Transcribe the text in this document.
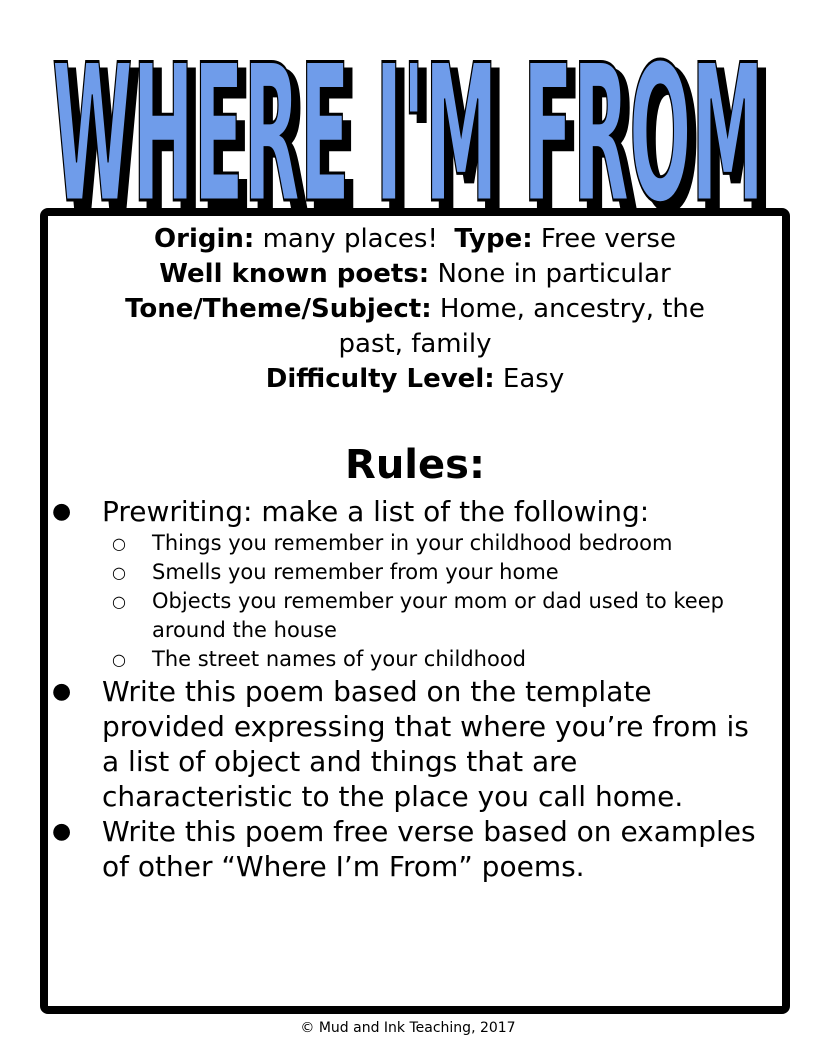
WHERE I'M FROM
WHERE I'M FROM
Origin: many places! Type: Free verse
Well known poets: None in particular
Tone/Theme/Subject: Home, ancestry, the
past, family
Difficulty Level: Easy
Rules:
● Prewriting: make a list of the following:
○ Things you remember in your childhood bedroom
○ Smells you remember from your home
○ Objects you remember your mom or dad used to keep around the house
○ The street names of your childhood
● Write this poem based on the template provided expressing that where you’re from is a list of object and things that are characteristic to the place you call home.
● Write this poem free verse based on examples of other “Where I’m From” poems.
© Mud and Ink Teaching, 2017
